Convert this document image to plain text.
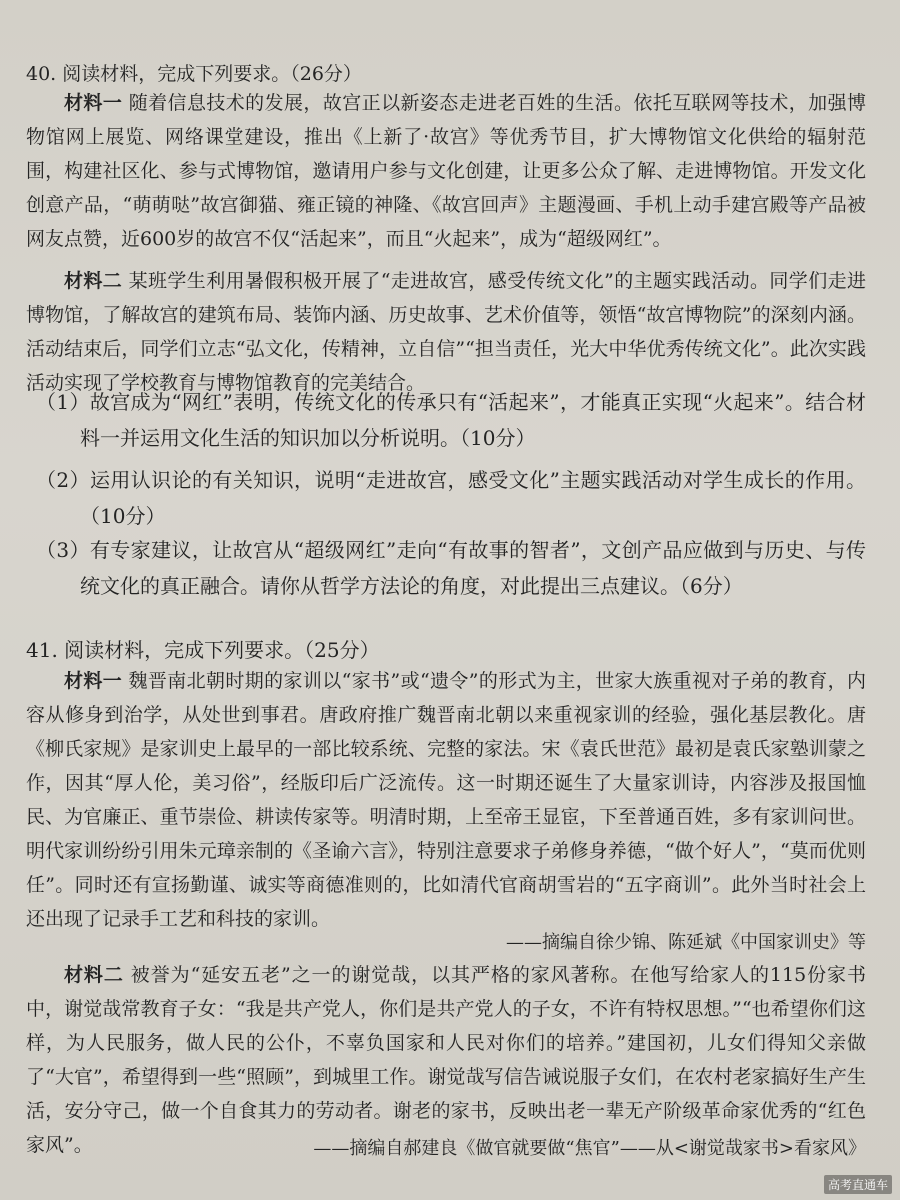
40. 阅读材料，完成下列要求。（26分）
材料一 随着信息技术的发展，故宫正以新姿态走进老百姓的生活。依托互联网等技术，加强博物馆网上展览、网络课堂建设，推出《上新了·故宫》等优秀节目，扩大博物馆文化供给的辐射范围，构建社区化、参与式博物馆，邀请用户参与文化创建，让更多公众了解、走进博物馆。开发文化创意产品，“萌萌哒”故宫御猫、雍正镜的神隆、《故宫回声》主题漫画、手机上动手建宫殿等产品被网友点赞，近600岁的故宫不仅“活起来”，而且“火起来”，成为“超级网红”。
材料二 某班学生利用暑假积极开展了“走进故宫，感受传统文化”的主题实践活动。同学们走进博物馆，了解故宫的建筑布局、装饰内涵、历史故事、艺术价值等，领悟“故宫博物院”的深刻内涵。活动结束后，同学们立志“弘文化，传精神，立自信”“担当责任，光大中华优秀传统文化”。此次实践活动实现了学校教育与博物馆教育的完美结合。
（1）故宫成为“网红”表明，传统文化的传承只有“活起来”，才能真正实现“火起来”。结合材料一并运用文化生活的知识加以分析说明。（10分）
（2）运用认识论的有关知识，说明“走进故宫，感受文化”主题实践活动对学生成长的作用。（10分）
（3）有专家建议，让故宫从“超级网红”走向“有故事的智者”，文创产品应做到与历史、与传统文化的真正融合。请你从哲学方法论的角度，对此提出三点建议。（6分）
41. 阅读材料，完成下列要求。（25分）
材料一 魏晋南北朝时期的家训以“家书”或“遗令”的形式为主，世家大族重视对子弟的教育，内容从修身到治学，从处世到事君。唐政府推广魏晋南北朝以来重视家训的经验，强化基层教化。唐《柳氏家规》是家训史上最早的一部比较系统、完整的家法。宋《袁氏世范》最初是袁氏家塾训蒙之作，因其“厚人伦，美习俗”，经版印后广泛流传。这一时期还诞生了大量家训诗，内容涉及报国恤民、为官廉正、重节崇俭、耕读传家等。明清时期，上至帝王显宦，下至普通百姓，多有家训问世。明代家训纷纷引用朱元璋亲制的《圣谕六言》，特别注意要求子弟修身养德，“做个好人”，“莫而优则任”。同时还有宣扬勤谨、诚实等商德准则的，比如清代官商胡雪岩的“五字商训”。此外当时社会上还出现了记录手工艺和科技的家训。
——摘编自徐少锦、陈延斌《中国家训史》等
材料二 被誉为“延安五老”之一的谢觉哉，以其严格的家风著称。在他写给家人的115份家书中，谢觉哉常教育子女：“我是共产党人，你们是共产党人的子女，不许有特权思想。”“也希望你们这样，为人民服务，做人民的公仆，不辜负国家和人民对你们的培养。”建国初，儿女们得知父亲做了“大官”，希望得到一些“照顾”，到城里工作。谢觉哉写信告诫说服子女们，在农村老家搞好生产生活，安分守己，做一个自食其力的劳动者。谢老的家书，反映出老一辈无产阶级革命家优秀的“红色家风”。	——摘编自郝建良《做官就要做“焦官”——从<谢觉哉家书>看家风》
高考直通车
